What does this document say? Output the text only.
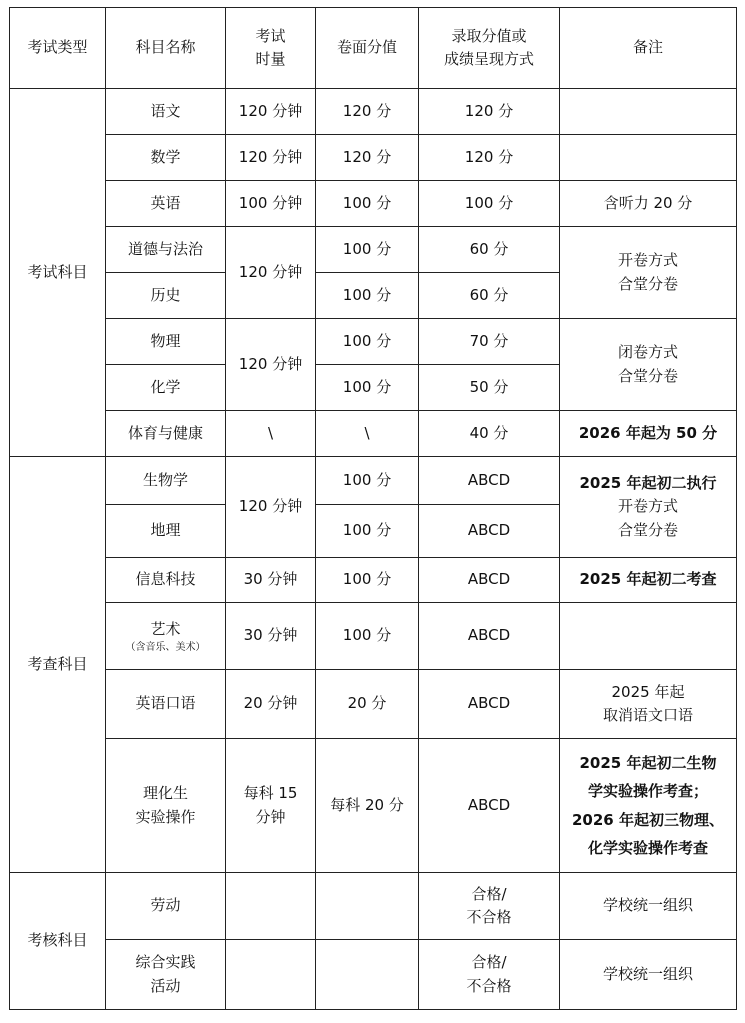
考试类型	科目名称	考试
时量	卷面分值	录取分值或
成绩呈现方式	备注
考试科目	语文	120 分钟	120 分	120 分	
	数学	120 分钟	120 分	120 分	
	英语	100 分钟	100 分	100 分	含听力 20 分
	道德与法治	120 分钟	100 分	60 分	开卷方式
合堂分卷

	历史		100 分	60 分	
	物理	120 分钟	100 分	70 分	闭卷方式
合堂分卷

	化学		100 分	50 分	
	体育与健康	\	\	40 分	2026 年起为 50 分
考查科目	生物学	120 分钟	100 分	ABCD	2025 年起初二执行
开卷方式
合堂分卷

	地理		100 分	ABCD	
	信息科技	30 分钟	100 分	ABCD	2025 年起初二考查

	艺术
（含音乐、美术）	30 分钟	100 分	ABCD	
	英语口语	20 分钟	20 分	ABCD	2025 年起
取消语文口语

	理化生
实验操作	每科 15
分钟	每科 20 分	ABCD	2025 年起初二生物
学实验操作考查；
2026 年起初三物理、
化学实验操作考查

考核科目	劳动			合格/
不合格	学校统一组织

	综合实践
活动			合格/
不合格	学校统一组织
